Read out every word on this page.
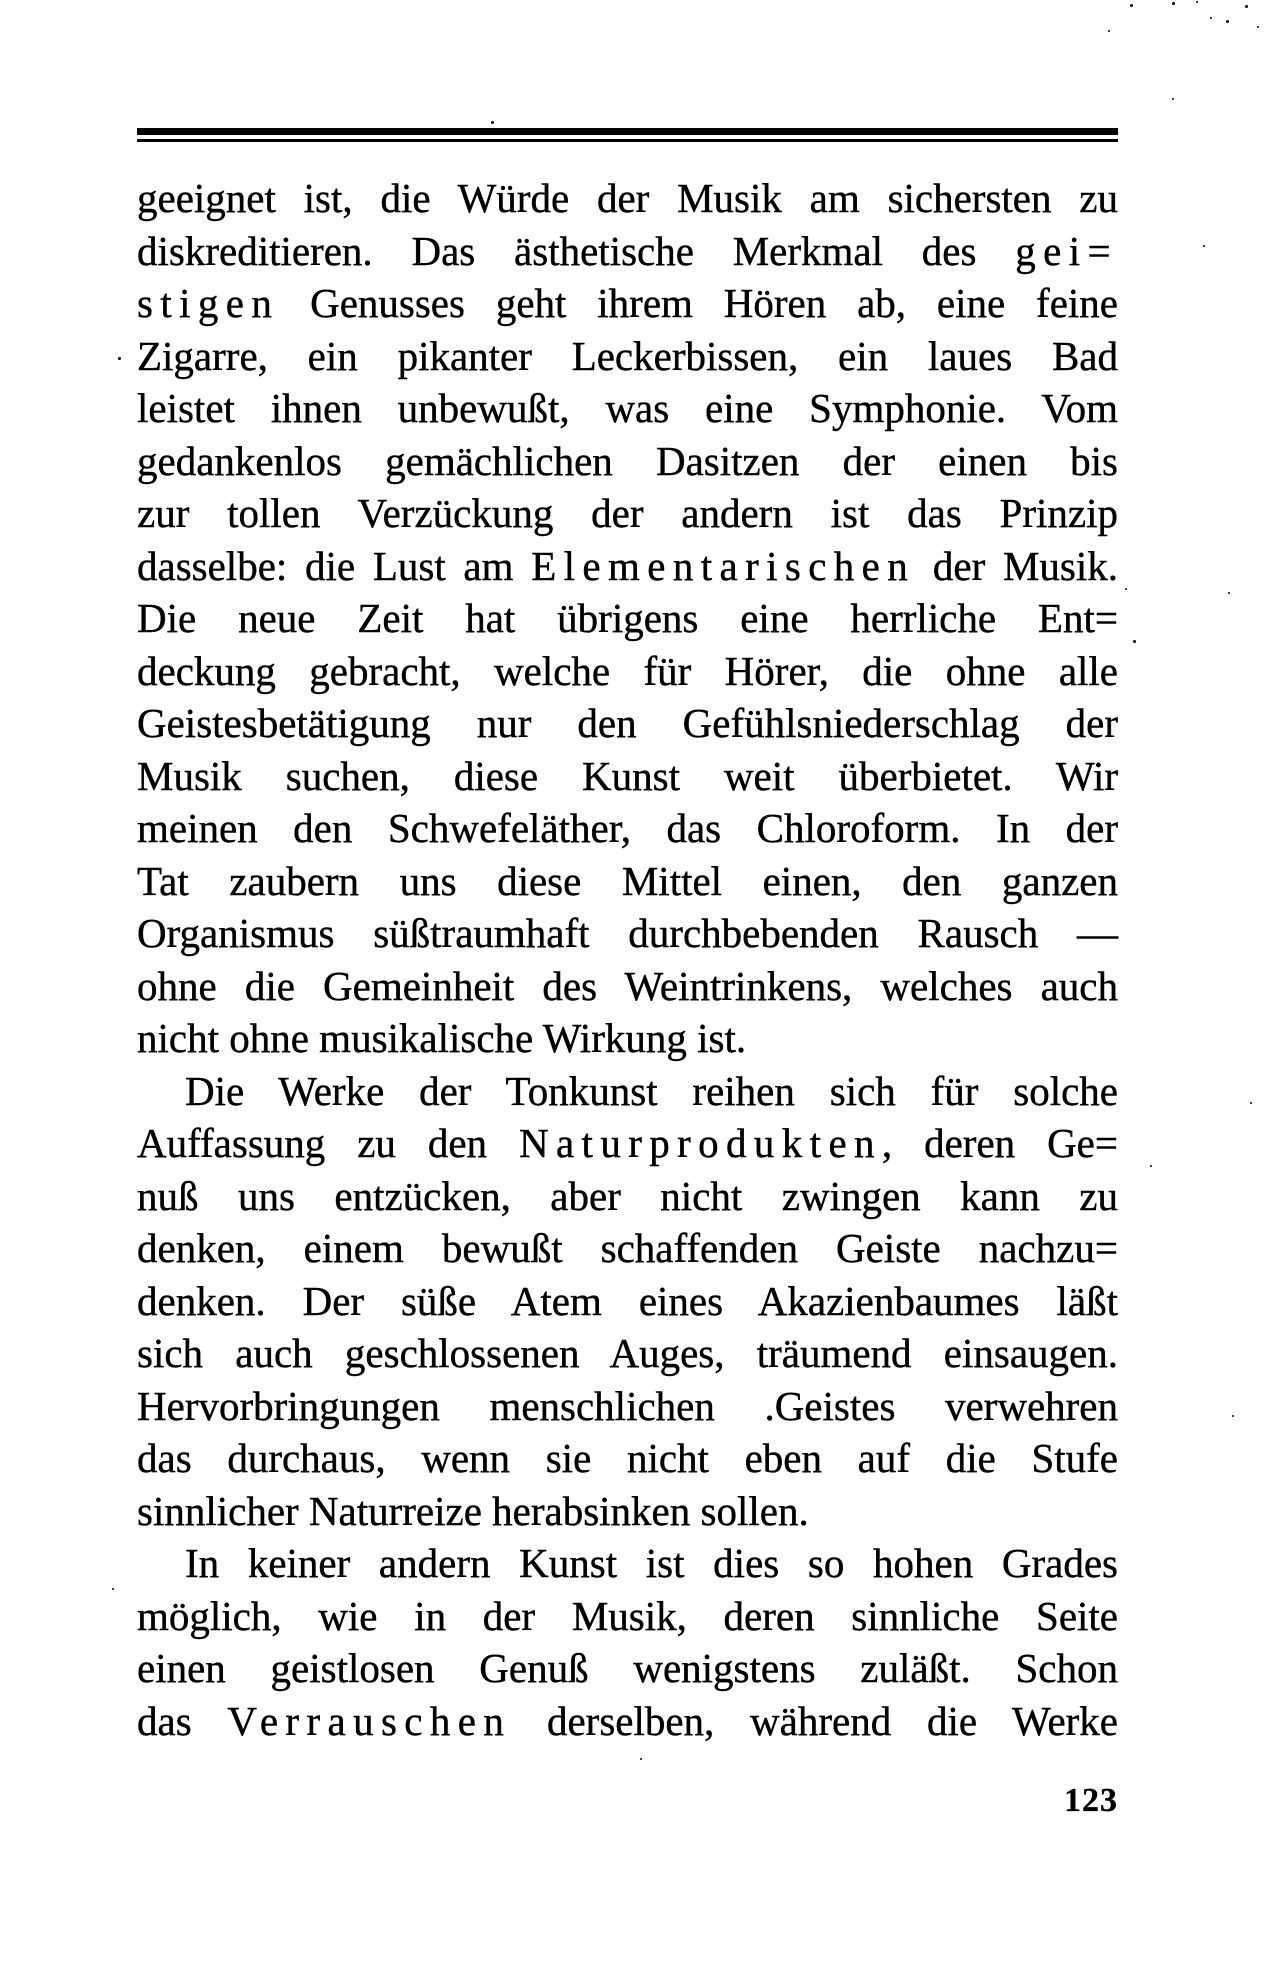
geeignet ist, die Würde der Musik am sichersten zu
diskreditieren. Das ästhetische Merkmal des gei=
stigen Genusses geht ihrem Hören ab, eine feine
Zigarre, ein pikanter Leckerbissen, ein laues Bad
leistet ihnen unbewußt, was eine Symphonie. Vom
gedankenlos gemächlichen Dasitzen der einen bis
zur tollen Verzückung der andern ist das Prinzip
dasselbe: die Lust am Elementarischen der Musik.
Die neue Zeit hat übrigens eine herrliche Ent=
deckung gebracht, welche für Hörer, die ohne alle
Geistesbetätigung nur den Gefühlsniederschlag der
Musik suchen, diese Kunst weit überbietet. Wir
meinen den Schwefeläther, das Chloroform. In der
Tat zaubern uns diese Mittel einen, den ganzen
Organismus süßtraumhaft durchbebenden Rausch —
ohne die Gemeinheit des Weintrinkens, welches auch
nicht ohne musikalische Wirkung ist.
Die Werke der Tonkunst reihen sich für solche
Auffassung zu den Naturprodukten, deren Ge=
nuß uns entzücken, aber nicht zwingen kann zu
denken, einem bewußt schaffenden Geiste nachzu=
denken. Der süße Atem eines Akazienbaumes läßt
sich auch geschlossenen Auges, träumend einsaugen.
Hervorbringungen menschlichen .Geistes verwehren
das durchaus, wenn sie nicht eben auf die Stufe
sinnlicher Naturreize herabsinken sollen.
In keiner andern Kunst ist dies so hohen Grades
möglich, wie in der Musik, deren sinnliche Seite
einen geistlosen Genuß wenigstens zuläßt. Schon
das Verrauschen derselben, während die Werke
123
